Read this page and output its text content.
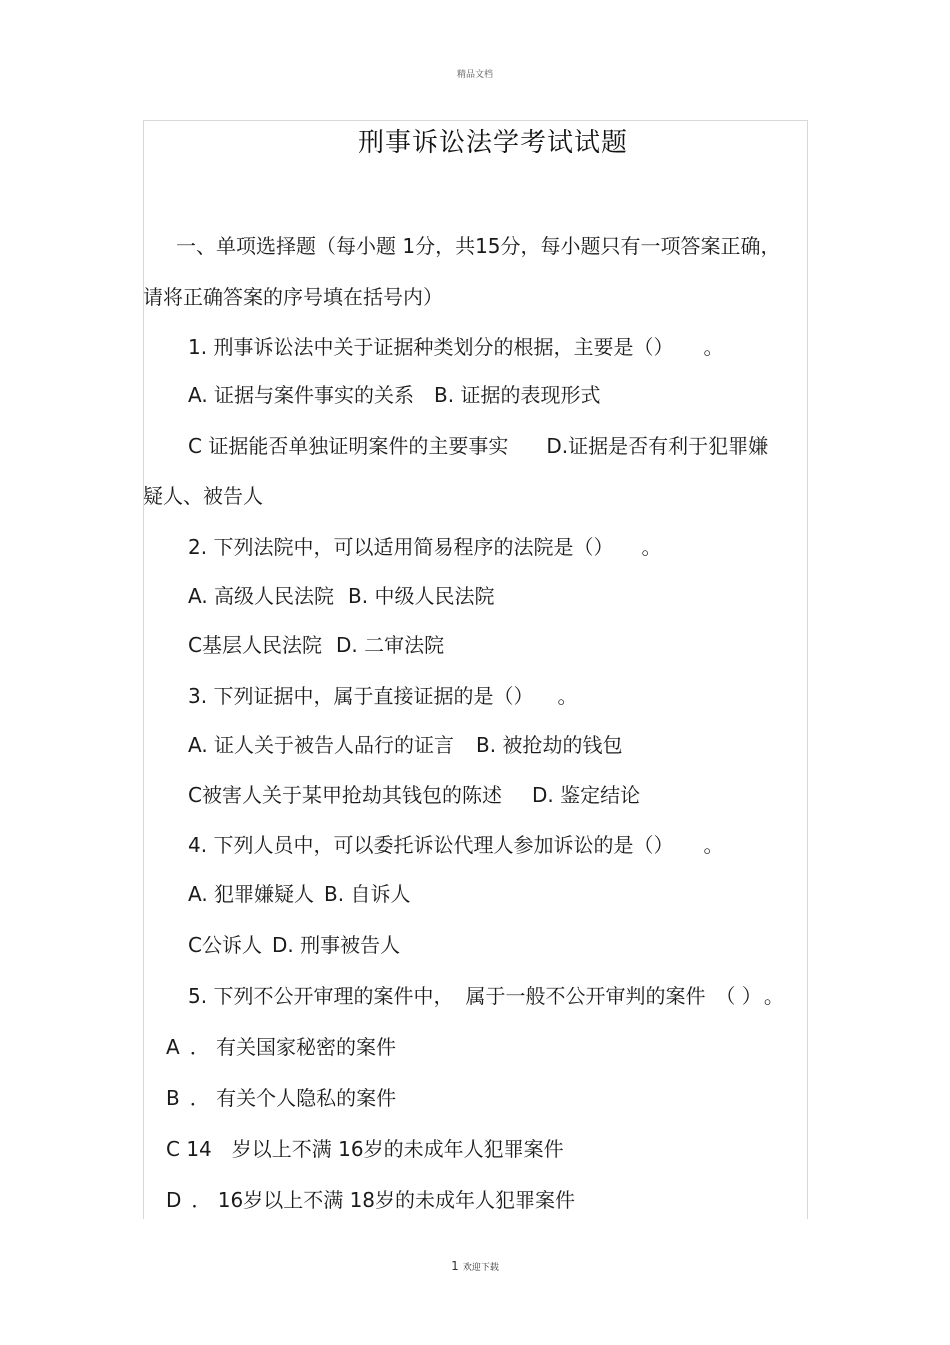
精品文档
刑事诉讼法学考试试题
一、单项选择题（每小题 1分，共15分，每小题只有一项答案正确，
请将正确答案的序号填在括号内）
1. 刑事诉讼法中关于证据种类划分的根据，主要是（） 。
A. 证据与案件事实的关系 B. 证据的表现形式
C 证据能否单独证明案件的主要事实 D.证据是否有利于犯罪嫌
疑人、被告人
2. 下列法院中，可以适用简易程序的法院是（） 。
A. 高级人民法院 B. 中级人民法院
C基层人民法院 D. 二审法院
3. 下列证据中，属于直接证据的是（） 。
A. 证人关于被告人品行的证言 B. 被抢劫的钱包
C被害人关于某甲抢劫其钱包的陈述 D. 鉴定结论
4. 下列人员中，可以委托诉讼代理人参加诉讼的是（） 。
A. 犯罪嫌疑人 B. 自诉人
C公诉人 D. 刑事被告人
5. 下列不公开审理的案件中， 属于一般不公开审判的案件 （ ） 。
A ． 有关国家秘密的案件
B ． 有关个人隐私的案件
C 14 岁以上不满 16岁的未成年人犯罪案件
D ． 16岁以上不满 18岁的未成年人犯罪案件
1 欢迎下载
